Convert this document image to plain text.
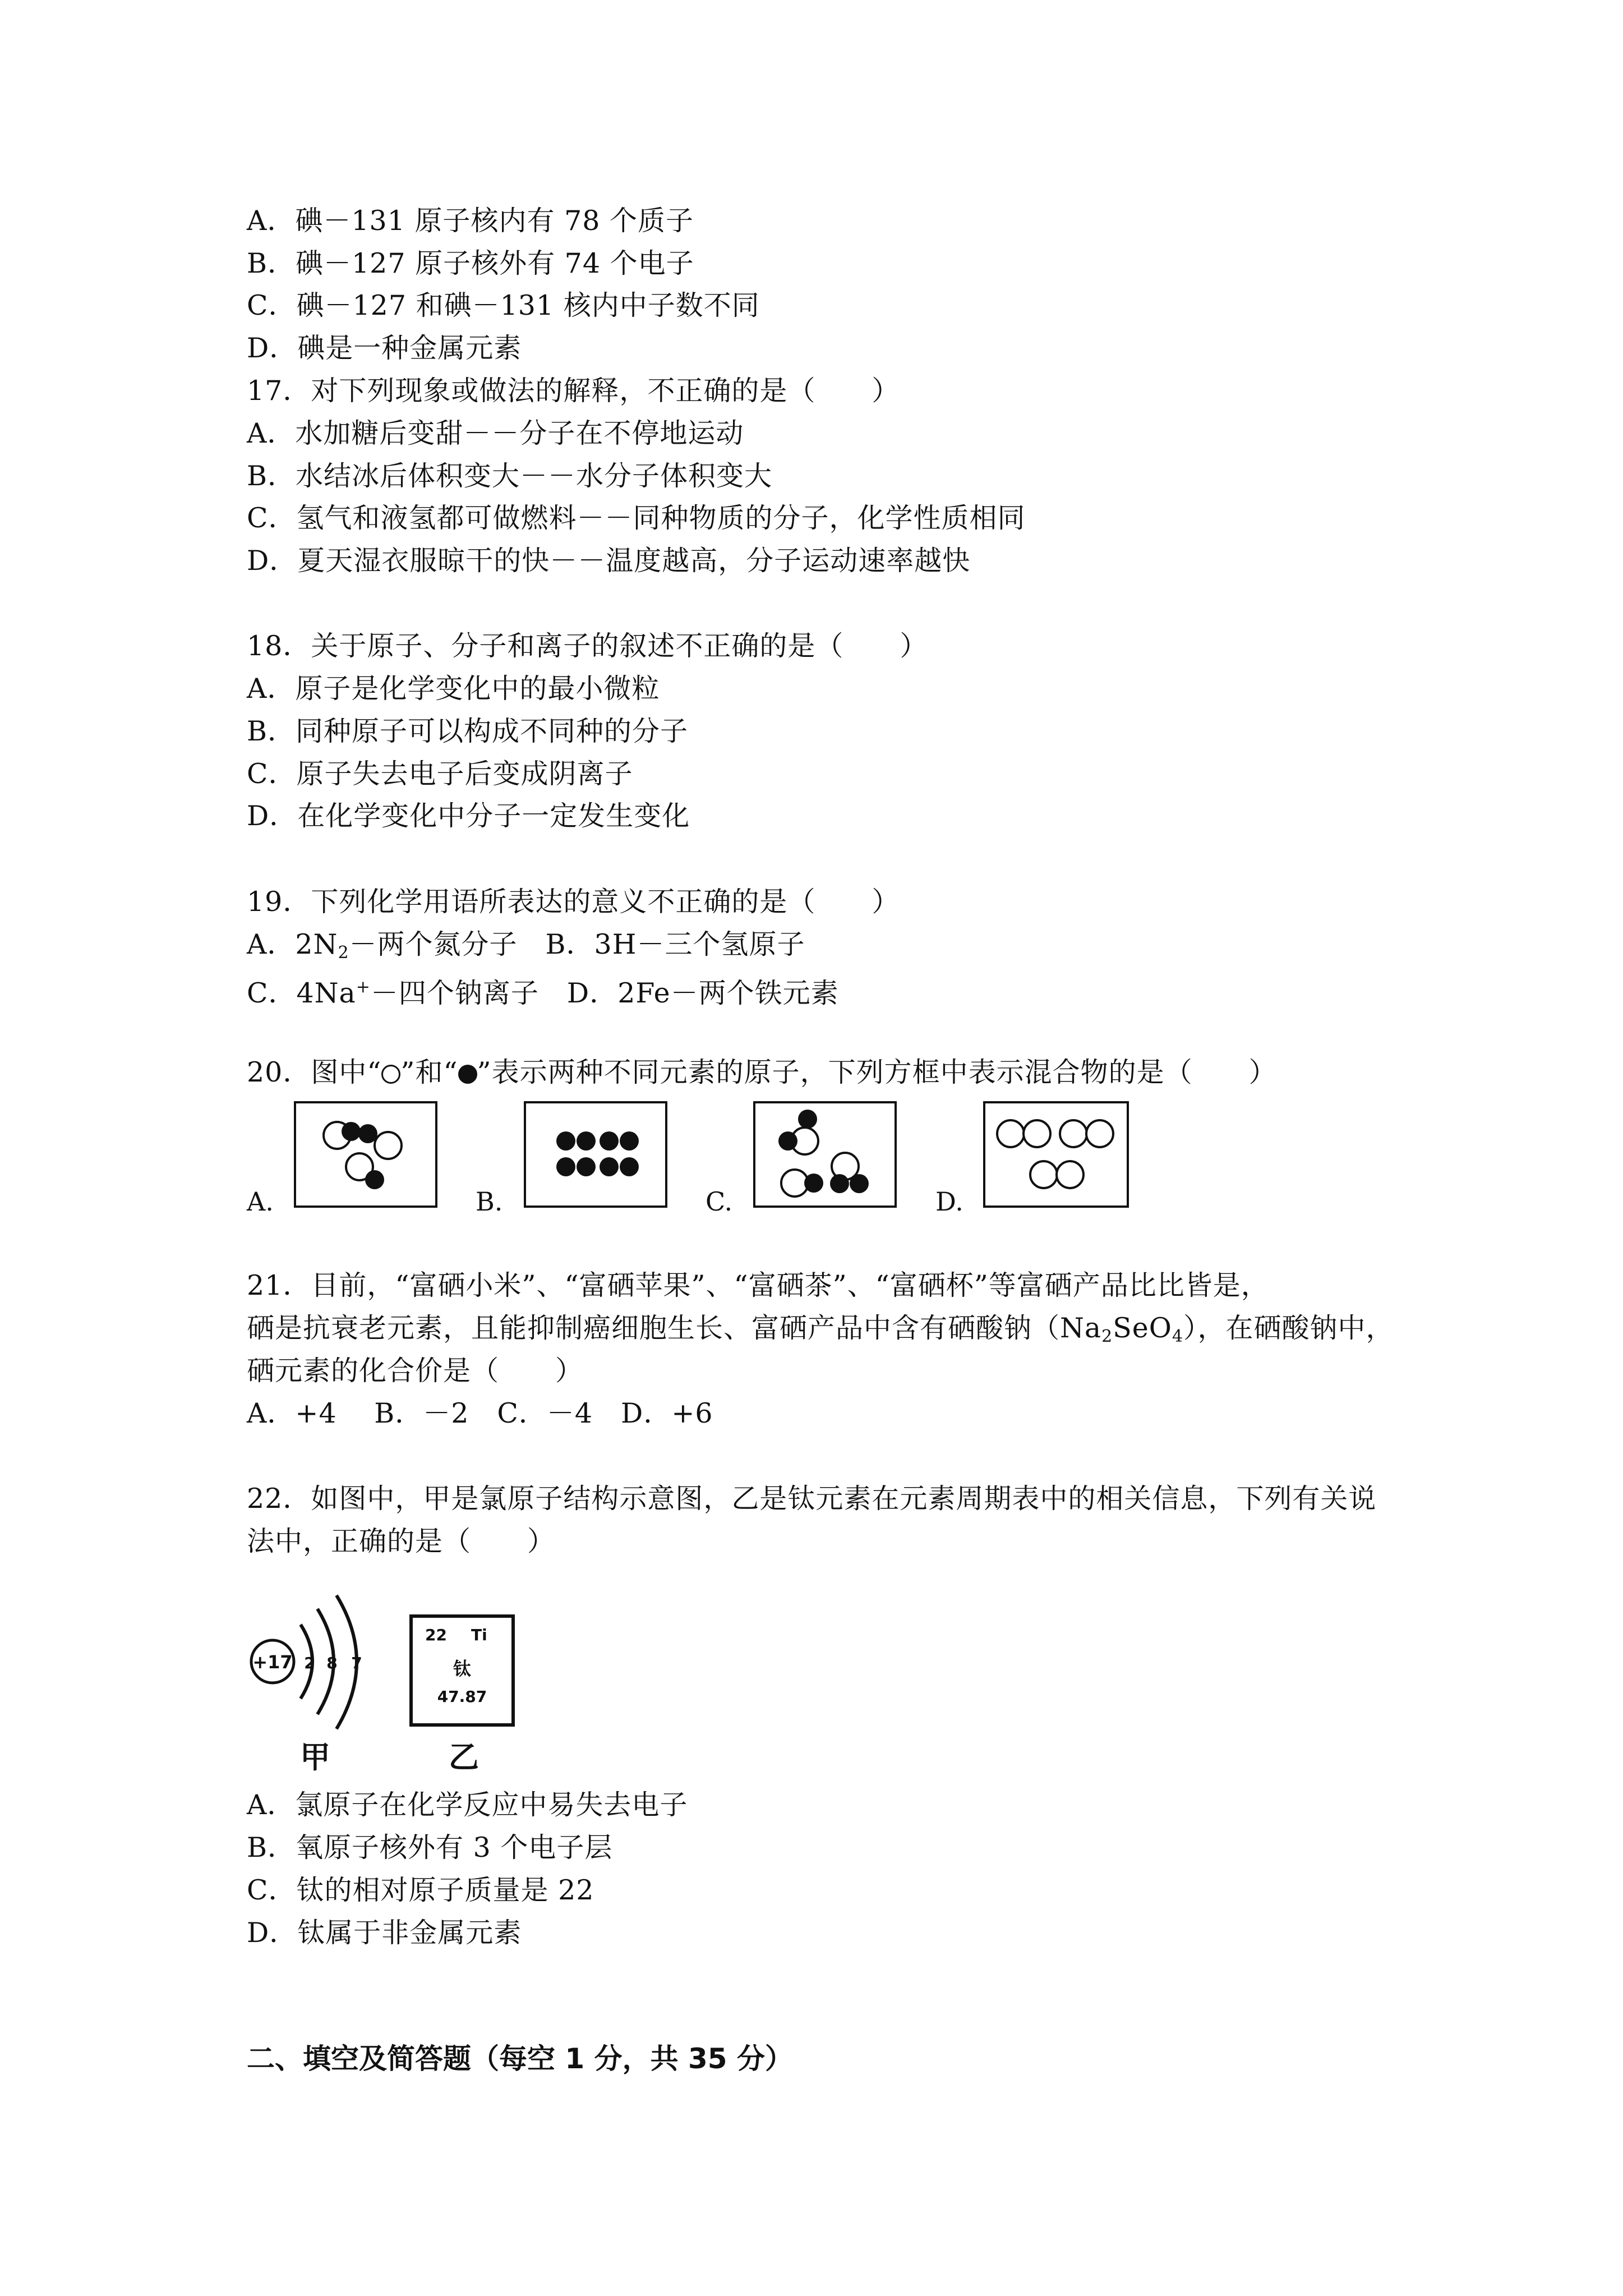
A．碘－131 原子核内有 78 个质子
B．碘－127 原子核外有 74 个电子
C．碘－127 和碘－131 核内中子数不同
D．碘是一种金属元素
17．对下列现象或做法的解释，不正确的是（　　）
A．水加糖后变甜－－分子在不停地运动
B．水结冰后体积变大－－水分子体积变大
C．氢气和液氢都可做燃料－－同种物质的分子，化学性质相同
D．夏天湿衣服晾干的快－－温度越高，分子运动速率越快
18．关于原子、分子和离子的叙述不正确的是（　　）
A．原子是化学变化中的最小微粒
B．同种原子可以构成不同种的分子
C．原子失去电子后变成阴离子
D．在化学变化中分子一定发生变化
19．下列化学用语所表达的意义不正确的是（　　）
A．$2N_2-$两个氮分子　B．3H－三个氢原子
C．4Na+－四个钠离子　D．2Fe－两个铁元素
20．图中“ ”和“ ”表示两种不同元素的原子，下列方框中表示混合物的是（　　）
A.	B.	C.	D.
21．目前，“富硒小米”、“富硒苹果”、“富硒茶”、“富硒杯”等富硒产品比比皆是，
硒是抗衰老元素，且能抑制癌细胞生长、富硒产品中含有硒酸钠$(Na_2SeO_4)$，在硒酸钠中，
硒元素的化合价是（　　）
A．+4　 B．－2　C．－4　D．+6
22．如图中，甲是氯原子结构示意图，乙是钛元素在元素周期表中的相关信息，下列有关说
法中，正确的是（　　）
+17 2 8 7
甲
22 Ti
钛
47.87
乙
A．氯原子在化学反应中易失去电子
B．氧原子核外有 3 个电子层
C．钛的相对原子质量是 22
D．钛属于非金属元素
二、填空及简答题（每空 1 分，共 35 分）
